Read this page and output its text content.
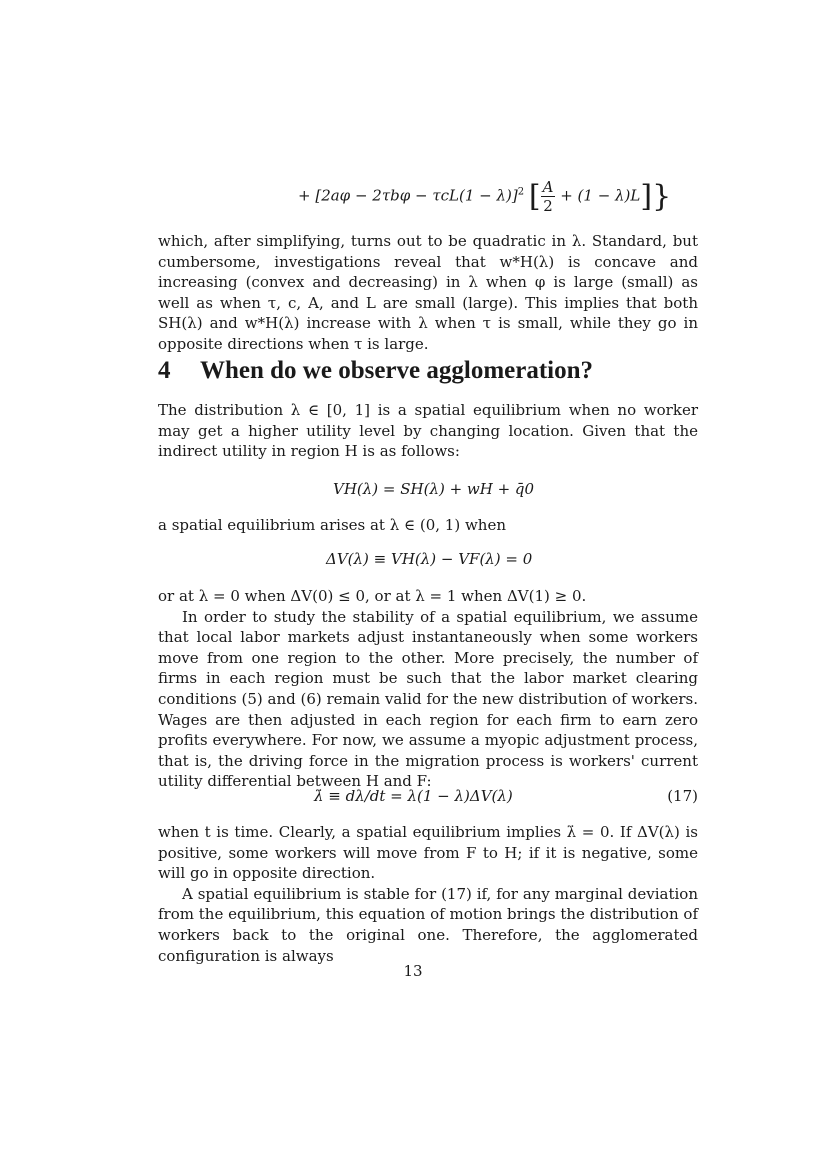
+ $[2a\varphi - 2\tau b\varphi - \tau cL(1 - \lambda)]^2$ [ $\frac{A}{2} + (1 - \lambda)L$]}

which, after simplifying, turns out to be quadratic in λ. Standard, but cumbersome, investigations reveal that w*H(λ) is concave and increasing (convex and decreasing) in λ when φ is large (small) as well as when τ, c, A, and L are small (large). This implies that both SH(λ) and w*H(λ) increase with λ when τ is small, while they go in opposite directions when τ is large.

4 When do we observe agglomeration?

The distribution λ ∈ [0, 1] is a spatial equilibrium when no worker may get a higher utility level by changing location. Given that the indirect utility in region H is as follows:

VH(λ) = SH(λ) + wH + q̄0

a spatial equilibrium arises at λ ∈ (0, 1) when

ΔV(λ) ≡ VH(λ) − VF(λ) = 0

or at λ = 0 when ΔV(0) ≤ 0, or at λ = 1 when ΔV(1) ≥ 0.

In order to study the stability of a spatial equilibrium, we assume that local labor markets adjust instantaneously when some workers move from one region to the other. More precisely, the number of firms in each region must be such that the labor market clearing conditions (5) and (6) remain valid for the new distribution of workers. Wages are then adjusted in each region for each firm to earn zero profits everywhere. For now, we assume a myopic adjustment process, that is, the driving force in the migration process is workers' current utility differential between H and F:

λ̇ ≡ dλ/dt = λ(1 − λ)ΔV(λ)	(17)

when t is time. Clearly, a spatial equilibrium implies λ̇ = 0. If ΔV(λ) is positive, some workers will move from F to H; if it is negative, some will go in opposite direction.

A spatial equilibrium is stable for (17) if, for any marginal deviation from the equilibrium, this equation of motion brings the distribution of workers back to the original one. Therefore, the agglomerated configuration is always

13
